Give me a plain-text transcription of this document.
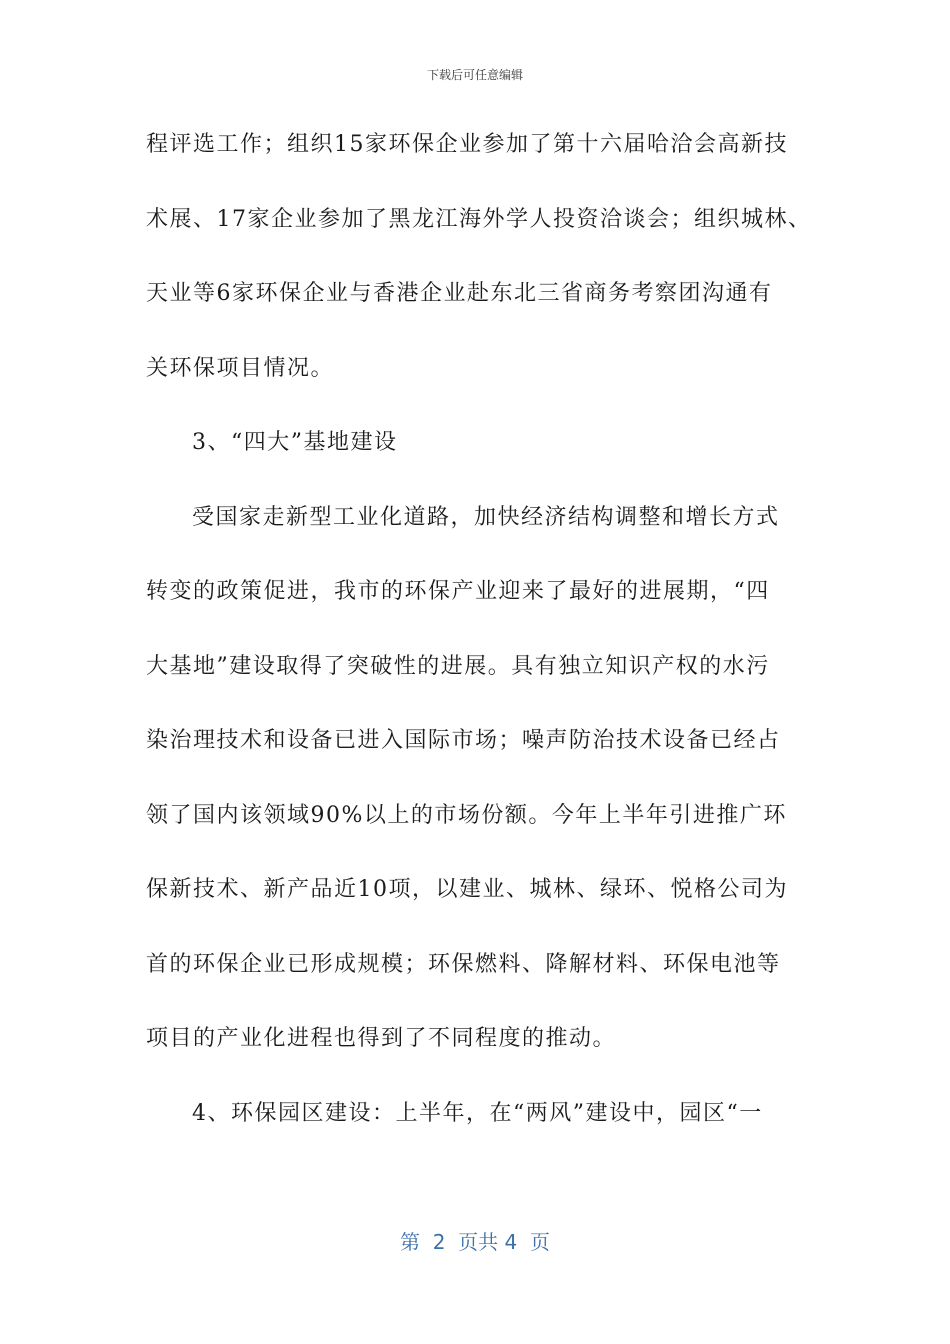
下载后可任意编辑
程评选工作；组织15家环保企业参加了第十六届哈洽会高新技
术展、17家企业参加了黑龙江海外学人投资洽谈会；组织城林、
天业等6家环保企业与香港企业赴东北三省商务考察团沟通有
关环保项目情况。
3、“四大”基地建设
受国家走新型工业化道路，加快经济结构调整和增长方式
转变的政策促进，我市的环保产业迎来了最好的进展期，“四
大基地”建设取得了突破性的进展。具有独立知识产权的水污
染治理技术和设备已进入国际市场；噪声防治技术设备已经占
领了国内该领域90%以上的市场份额。今年上半年引进推广环
保新技术、新产品近10项，以建业、城林、绿环、悦格公司为
首的环保企业已形成规模；环保燃料、降解材料、环保电池等
项目的产业化进程也得到了不同程度的推动。
4、环保园区建设：上半年，在“两风”建设中，园区“一
第  2  页共 4  页
